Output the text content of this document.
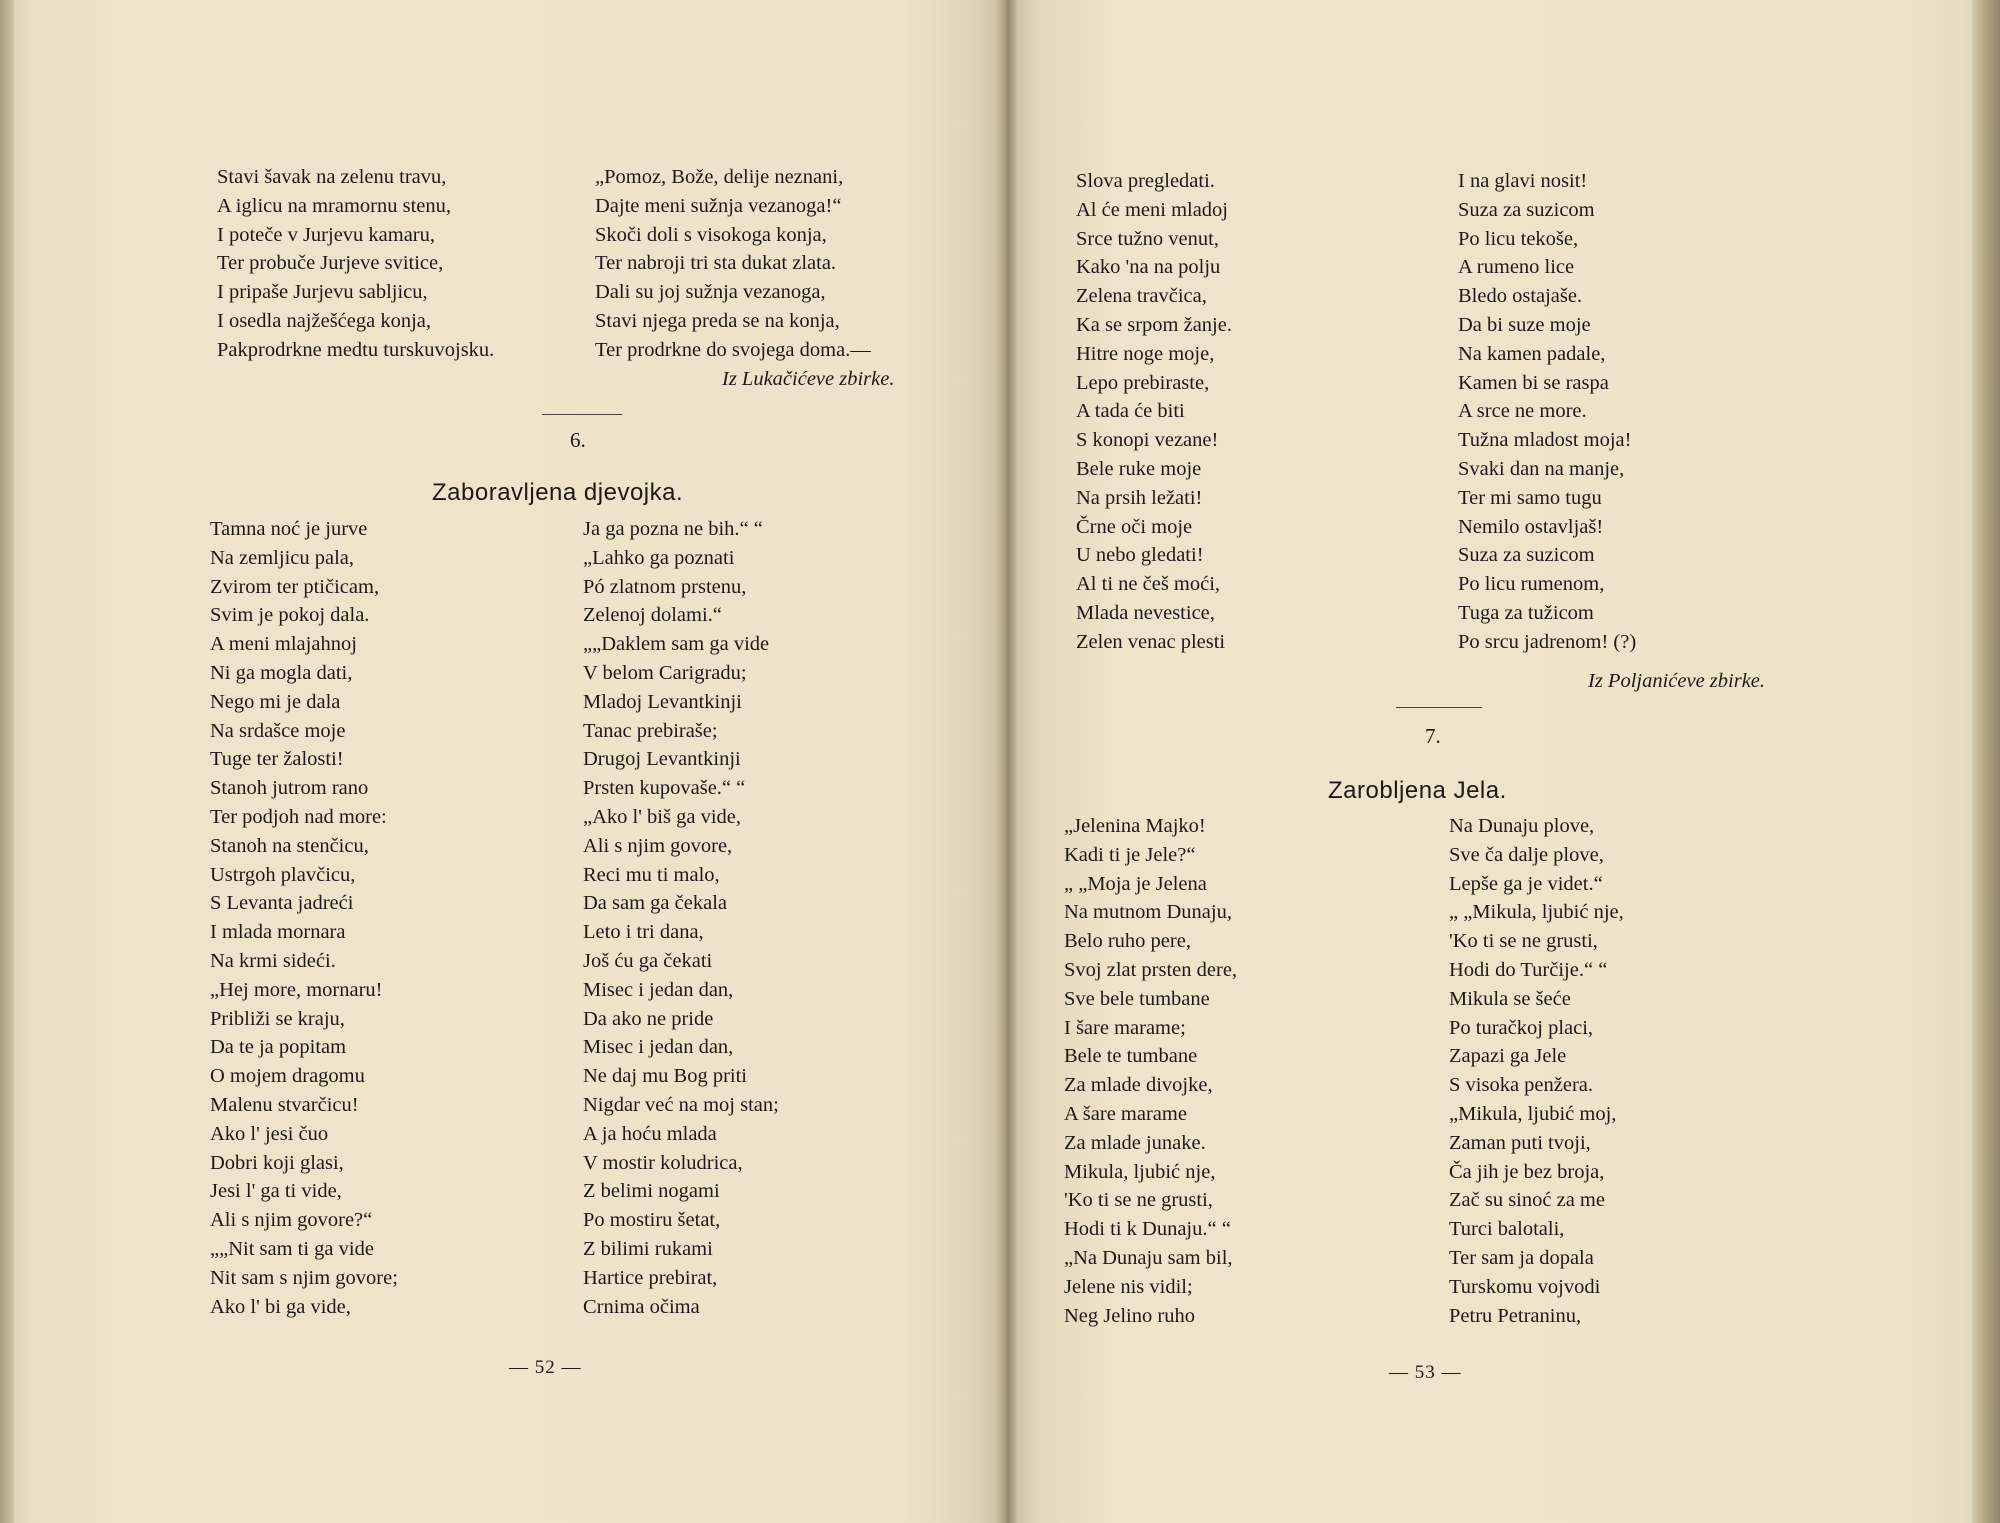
Stavi šavak na zelenu travu,
A iglicu na mramornu stenu,
I poteče v Jurjevu kamaru,
Ter probuče Jurjeve svitice,
I pripaše Jurjevu sabljicu,
I osedla najžešćega konja,
Pakprodrkne medtu turskuvojsku.
„Pomoz, Bože, delije neznani,
Dajte meni sužnja vezanoga!“
Skoči doli s visokoga konja,
Ter nabroji tri sta dukat zlata.
Dali su joj sužnja vezanoga,
Stavi njega preda se na konja,
Ter prodrkne do svojega doma.—
Iz Lukačićeve zbirke.
6.
Zaboravljena djevojka.
Tamna noć je jurve
Na zemljicu pala,
Zvirom ter ptičicam,
Svim je pokoj dala.
A meni mlajahnoj
Ni ga mogla dati,
Nego mi je dala
Na srdašce moje
Tuge ter žalosti!
Stanoh jutrom rano
Ter podjoh nad more:
Stanoh na stenčicu,
Ustrgoh plavčicu,
S Levanta jadreći
I mlada mornara
Na krmi sideći.
„Hej more, mornaru!
Približi se kraju,
Da te ja popitam
O mojem dragomu
Malenu stvarčicu!
Ako l' jesi čuo
Dobri koji glasi,
Jesi l' ga ti vide,
Ali s njim govore?“
„„Nit sam ti ga vide
Nit sam s njim govore;
Ako l' bi ga vide,
Ja ga pozna ne bih.“ “
„Lahko ga poznati
Pó zlatnom prstenu,
Zelenoj dolami.“
„„Daklem sam ga vide
V belom Carigradu;
Mladoj Levantkinji
Tanac prebiraše;
Drugoj Levantkinji
Prsten kupovaše.“ “
„Ako l' biš ga vide,
Ali s njim govore,
Reci mu ti malo,
Da sam ga čekala
Leto i tri dana,
Još ću ga čekati
Misec i jedan dan,
Da ako ne pride
Misec i jedan dan,
Ne daj mu Bog priti
Nigdar već na moj stan;
A ja hoću mlada
V mostir koludrica,
Z belimi nogami
Po mostiru šetat,
Z bilimi rukami
Hartice prebirat,
Crnima očima
— 52 —
Slova pregledati.
Al će meni mladoj
Srce tužno venut,
Kako 'na na polju
Zelena travčica,
Ka se srpom žanje.
Hitre noge moje,
Lepo prebiraste,
A tada će biti
S konopi vezane!
Bele ruke moje
Na prsih ležati!
Črne oči moje
U nebo gledati!
Al ti ne češ moći,
Mlada nevestice,
Zelen venac plesti
I na glavi nosit!
Suza za suzicom
Po licu tekoše,
A rumeno lice
Bledo ostajaše.
Da bi suze moje
Na kamen padale,
Kamen bi se raspa
A srce ne more.
Tužna mladost moja!
Svaki dan na manje,
Ter mi samo tugu
Nemilo ostavljaš!
Suza za suzicom
Po licu rumenom,
Tuga za tužicom
Po srcu jadrenom! (?)
Iz Poljanićeve zbirke.
7.
Zarobljena Jela.
„Jelenina Majko!
Kadi ti je Jele?“
„ „Moja je Jelena
Na mutnom Dunaju,
Belo ruho pere,
Svoj zlat prsten dere,
Sve bele tumbane
I šare marame;
Bele te tumbane
Za mlade divojke,
A šare marame
Za mlade junake.
Mikula, ljubić nje,
'Ko ti se ne grusti,
Hodi ti k Dunaju.“ “
„Na Dunaju sam bil,
Jelene nis vidil;
Neg Jelino ruho
Na Dunaju plove,
Sve ča dalje plove,
Lepše ga je videt.“
„ „Mikula, ljubić nje,
'Ko ti se ne grusti,
Hodi do Turčije.“ “
Mikula se šeće
Po turačkoj placi,
Zapazi ga Jele
S visoka penžera.
„Mikula, ljubić moj,
Zaman puti tvoji,
Ča jih je bez broja,
Zač su sinoć za me
Turci balotali,
Ter sam ja dopala
Turskomu vojvodi
Petru Petraninu,
— 53 —
